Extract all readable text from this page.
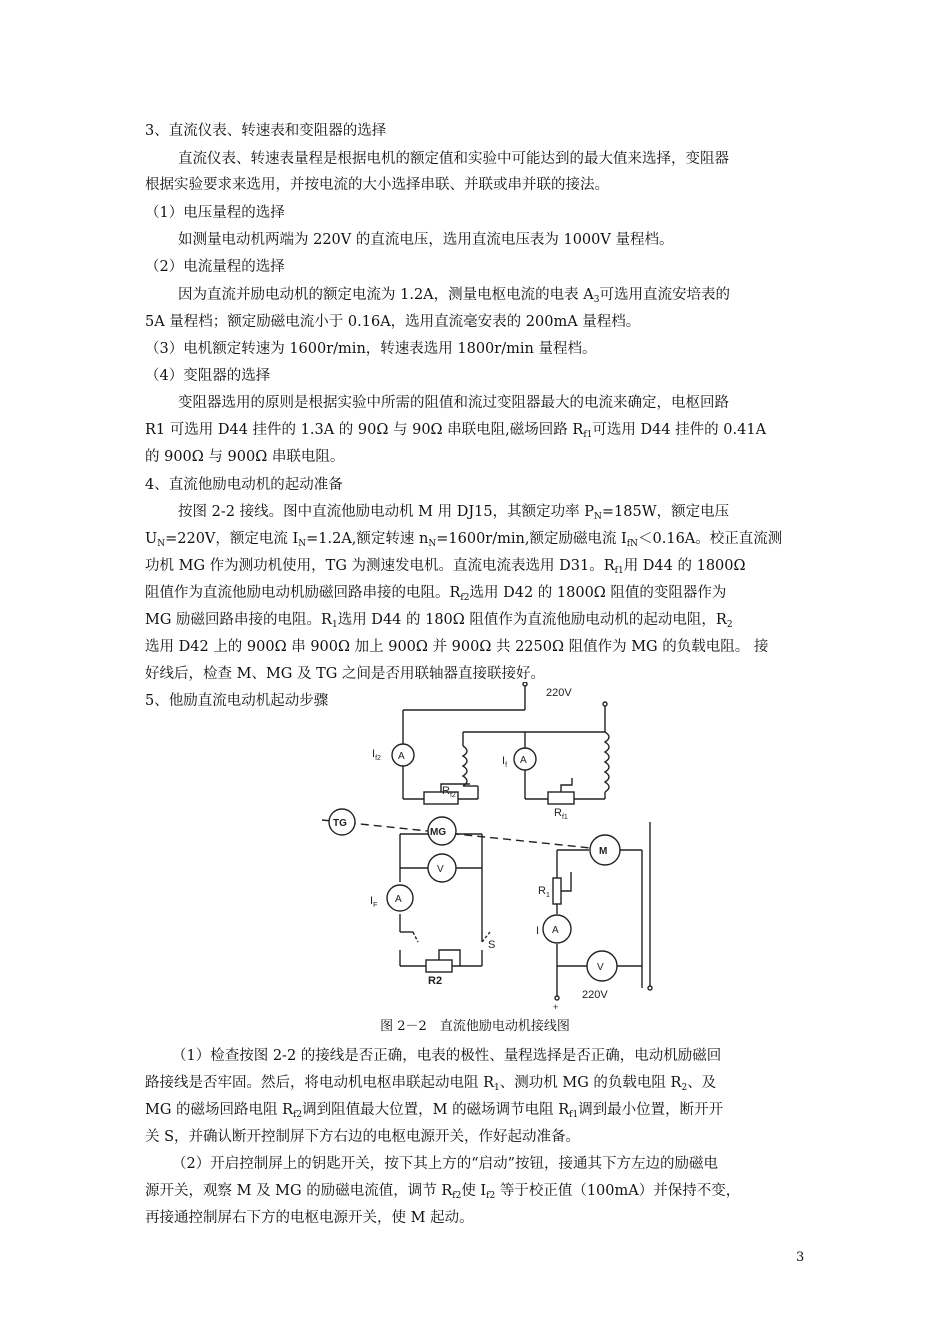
3、直流仪表、转速表和变阻器的选择
直流仪表、转速表量程是根据电机的额定值和实验中可能达到的最大值来选择，变阻器
根据实验要求来选用，并按电流的大小选择串联、并联或串并联的接法。
（1）电压量程的选择
如测量电动机两端为 220V 的直流电压，选用直流电压表为 1000V 量程档。
（2）电流量程的选择
因为直流并励电动机的额定电流为 1.2A，测量电枢电流的电表 $A_3$可选用直流安培表的
5A 量程档；额定励磁电流小于 0.16A，选用直流毫安表的 200mA 量程档。
（3）电机额定转速为 1600r/min，转速表选用 1800r/min 量程档。
（4）变阻器的选择
变阻器选用的原则是根据实验中所需的阻值和流过变阻器最大的电流来确定，电枢回路
R1 可选用 D44 挂件的 1.3A 的 90Ω 与 90Ω 串联电阻,磁场回路 $R_{f1}$可选用 D44 挂件的 0.41A
的 900Ω 与 900Ω 串联电阻。
4、直流他励电动机的起动准备
按图 2-2 接线。图中直流他励电动机 M 用 DJ15，其额定功率 $P_N=185W$，额定电压
$U_N=220V$，额定电流 $I_N=1.2A$,额定转速 $n_N=1600r/\min$,额定励磁电流 $I_{fN}<0.16A$。校正直流测
功机 MG 作为测功机使用，TG 为测速发电机。直流电流表选用 D31。$R_{f1}$用 D44 的 1800Ω
阻值作为直流他励电动机励磁回路串接的电阻。$R_{f2}$选用 D42 的 1800Ω 阻值的变阻器作为
MG 励磁回路串接的电阻。$R_1$选用 D44 的 180Ω 阻值作为直流他励电动机的起动电阻，$R_2$
选用 D42 上的 900Ω 串 900Ω 加上 900Ω 并 900Ω 共 2250Ω 阻值作为 MG 的负载电阻。 接
好线后，检查 M、MG 及 TG 之间是否用联轴器直接联接好。
5、他励直流电动机起动步骤	220V
220V
+
$I_{f2}$ A	$I_f$ A
$R_{f2}$
$R_{f1}$
TG
MG
M
V
$I_F$
A
$R_1$
I A
S
R2
V
图 2－2　直流他励电动机接线图
（1）检查按图 2-2 的接线是否正确，电表的极性、量程选择是否正确，电动机励磁回
路接线是否牢固。然后，将电动机电枢串联起动电阻 $R_1$、测功机 MG 的负载电阻 $R_2$、及
MG 的磁场回路电阻 $R_{f2}$调到阻值最大位置，M 的磁场调节电阻 $R_{f1}$调到最小位置，断开开
关 S，并确认断开控制屏下方右边的电枢电源开关，作好起动准备。
（2）开启控制屏上的钥匙开关，按下其上方的“启动”按钮，接通其下方左边的励磁电
源开关，观察 M 及 MG 的励磁电流值，调节 $R_{f2}$使 $I_{f2}$ 等于校正值（100mA）并保持不变，
再接通控制屏右下方的电枢电源开关，使 M 起动。
3
